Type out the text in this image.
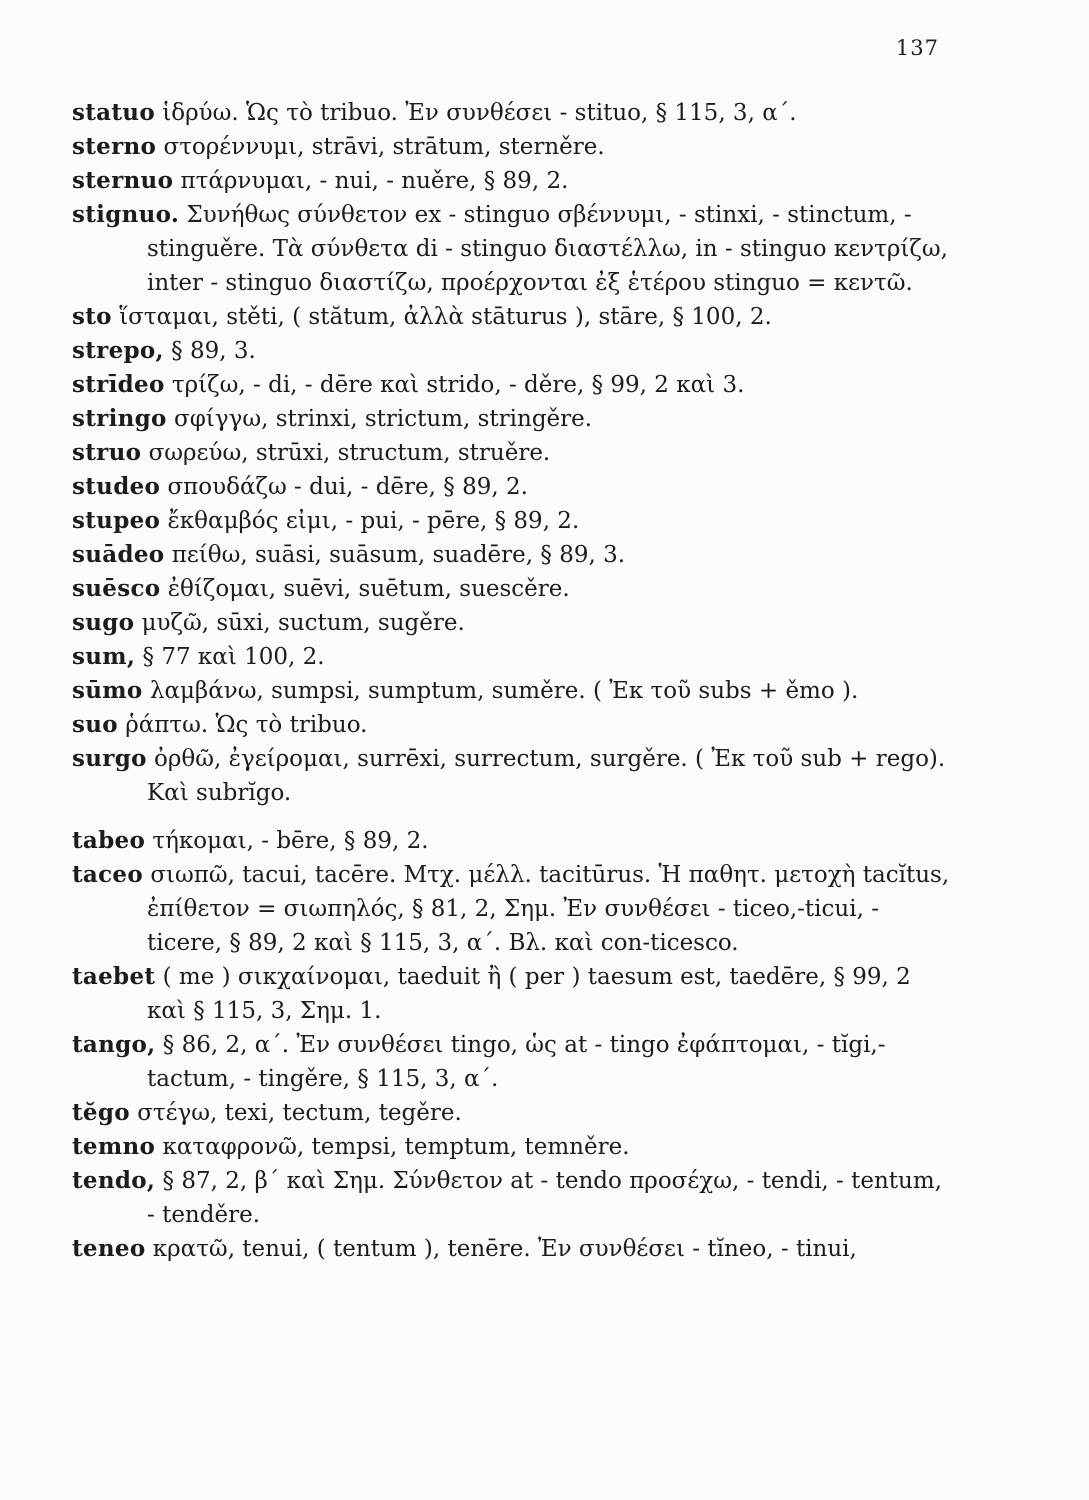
137
statuo ἱδρύω. Ὡς τὸ tribuo. Ἐν συνθέσει - stituo, § 115, 3, α΄.
sterno στορέννυμι, strāvi, strātum, sterněre.
sternuo πτάρνυμαι, - nui, - nuěre, § 89, 2.
stignuo. Συνήθως σύνθετον ex - stinguo σβέννυμι, - stinxi, - stinctum, - stinguěre. Τὰ σύνθετα di - stinguo διαστέλλω, in - stinguo κεντρίζω, inter - stinguo διαστίζω, προέρχονται ἐξ ἑτέρου stinguo = κεντῶ.
sto ἵσταμαι, stěti, ( stătum, ἀλλὰ stāturus ), stāre, § 100, 2.
strepo, § 89, 3.
strīdeo τρίζω, - di, - dēre καὶ strido, - děre, § 99, 2 καὶ 3.
stringo σφίγγω, strinxi, strictum, stringěre.
struo σωρεύω, strūxi, structum, struěre.
studeo σπουδάζω - dui, - dēre, § 89, 2.
stupeo ἔκθαμβός εἰμι, - pui, - pēre, § 89, 2.
suādeo πείθω, suāsi, suāsum, suadēre, § 89, 3.
suēsco ἐθίζομαι, suēvi, suētum, suescěre.
sugo μυζῶ, sūxi, suctum, sugěre.
sum, § 77 καὶ 100, 2.
sūmo λαμβάνω, sumpsi, sumptum, suměre. ( Ἐκ τοῦ subs + ěmo ).
suo ῥάπτω. Ὡς τὸ tribuo.
surgo ὀρθῶ, ἐγείρομαι, surrēxi, surrectum, surgěre. ( Ἐκ τοῦ sub + rego). Καὶ subrĭgo.
tabeo τήκομαι, - bēre, § 89, 2.
taceo σιωπῶ, tacui, tacēre. Μτχ. μέλλ. tacitūrus. Ἡ παθητ. μετοχὴ tacĭtus, ἐπίθετον = σιωπηλός, § 81, 2, Σημ. Ἐν συνθέσει - ticeo,-ticui, - ticere, § 89, 2 καὶ § 115, 3, α΄. Βλ. καὶ con-ticesco.
taebet ( me ) σικχαίνομαι, taeduit ἢ ( per ) taesum est, taedēre, § 99, 2 καὶ § 115, 3, Σημ. 1.
tango, § 86, 2, α΄. Ἐν συνθέσει tingo, ὡς at - tingo ἐφάπτομαι, - tĭgi,- tactum, - tingěre, § 115, 3, α΄.
tĕgo στέγω, texi, tectum, tegěre.
temno καταφρονῶ, tempsi, temptum, temněre.
tendo, § 87, 2, β΄ καὶ Σημ. Σύνθετον at - tendo προσέχω, - tendi, - tentum, - tenděre.
teneo κρατῶ, tenui, ( tentum ), tenēre. Ἐν συνθέσει - tĭneo, - tinui,
